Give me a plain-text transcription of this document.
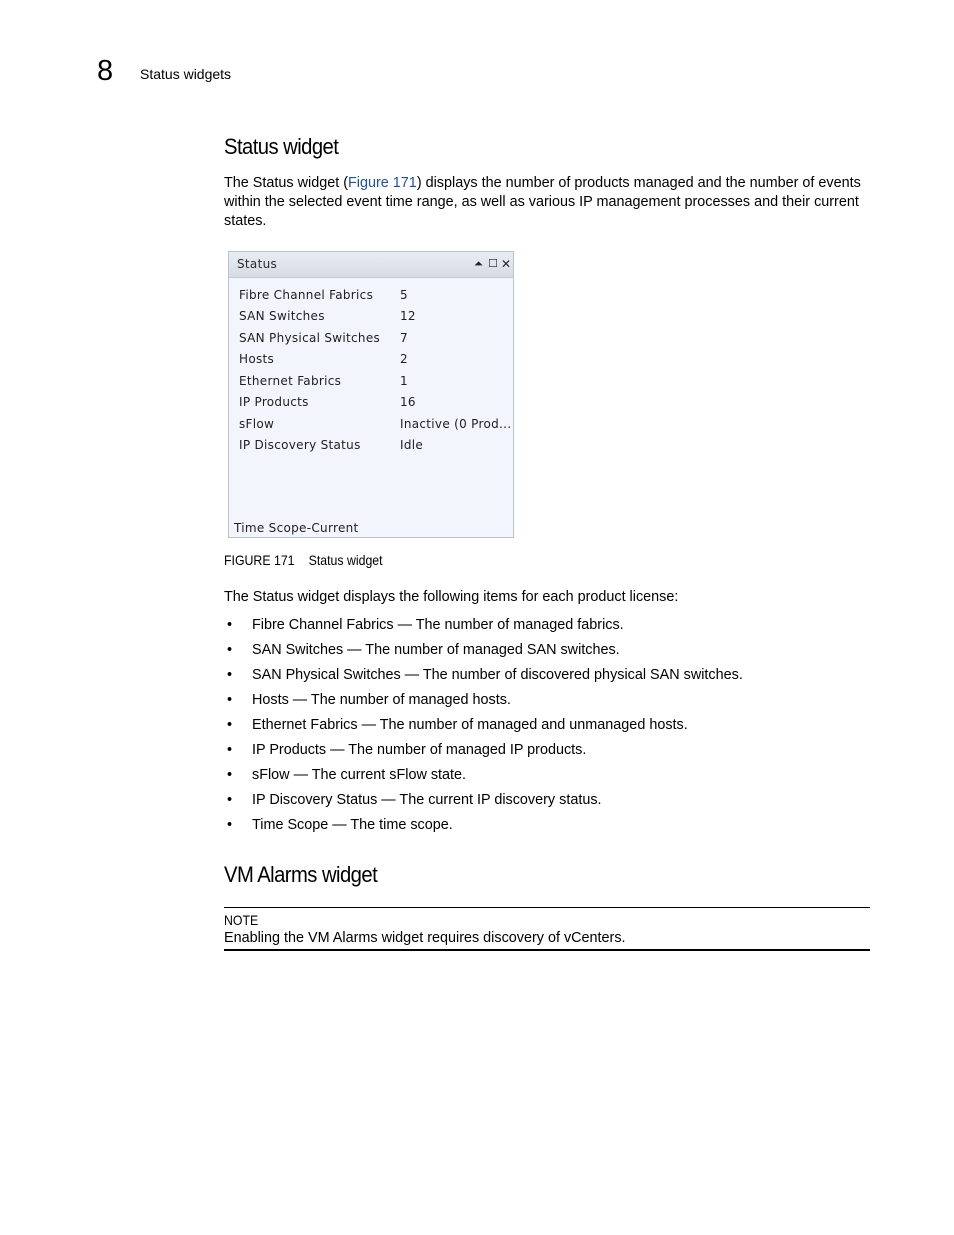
8 Status widgets
Status widget
The Status widget (Figure 171) displays the number of products managed and the number of events within the selected event time range, as well as various IP management processes and their current states.
Status	⏶ ☐ ✕
Fibre Channel Fabrics 5
SAN Switches	12
SAN Physical Switches 7
Hosts	2
Ethernet Fabrics	1
IP Products	16
sFlow	Inactive (0 Prod...
IP Discovery Status	Idle
Time Scope-Current
FIGURE 171 Status widget
The Status widget displays the following items for each product license:
• Fibre Channel Fabrics — The number of managed fabrics.
• SAN Switches — The number of managed SAN switches.
• SAN Physical Switches — The number of discovered physical SAN switches.
• Hosts — The number of managed hosts.
• Ethernet Fabrics — The number of managed and unmanaged hosts.
• IP Products — The number of managed IP products.
• sFlow — The current sFlow state.
• IP Discovery Status — The current IP discovery status.
• Time Scope — The time scope.
VM Alarms widget
NOTE
Enabling the VM Alarms widget requires discovery of vCenters.
